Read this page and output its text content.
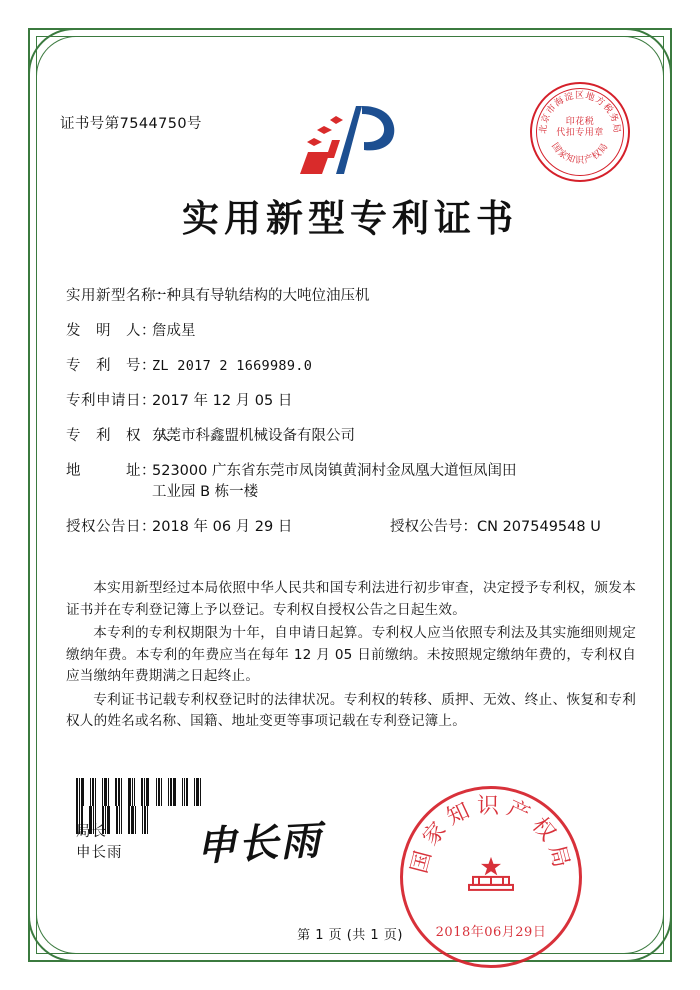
证书号第7544750号	北京市海淀区地方税务局
国家知识产权局
印花税
代扣专用章
实用新型专利证书
实用新型名称：一种具有导轨结构的大吨位油压机
发　明　人：詹成星
专　利　号：ZL 2017 2 1669989.0
专利申请日：2017 年 12 月 05 日
专　利　权　人：东莞市科鑫盟机械设备有限公司
地　　　址：523000 广东省东莞市凤岗镇黄洞村金凤凰大道恒凤闺田
工业园 B 栋一楼
授权公告日：2018 年 06 月 29 日	授权公告号：CN 207549548 U

本实用新型经过本局依照中华人民共和国专利法进行初步审查，决定授予专利权，颁发本证书并在专利登记簿上予以登记。专利权自授权公告之日起生效。

本专利的专利权期限为十年，自申请日起算。专利权人应当依照专利法及其实施细则规定缴纳年费。本专利的年费应当在每年 12 月 05 日前缴纳。未按照规定缴纳年费的，专利权自应当缴纳年费期满之日起终止。

专利证书记载专利权登记时的法律状况。专利权的转移、质押、无效、终止、恢复和专利权人的姓名或名称、国籍、地址变更等事项记载在专利登记簿上。

局长
申长雨 申长雨	国家知识产权局
2018年06月29日
第 1 页 (共 1 页)
